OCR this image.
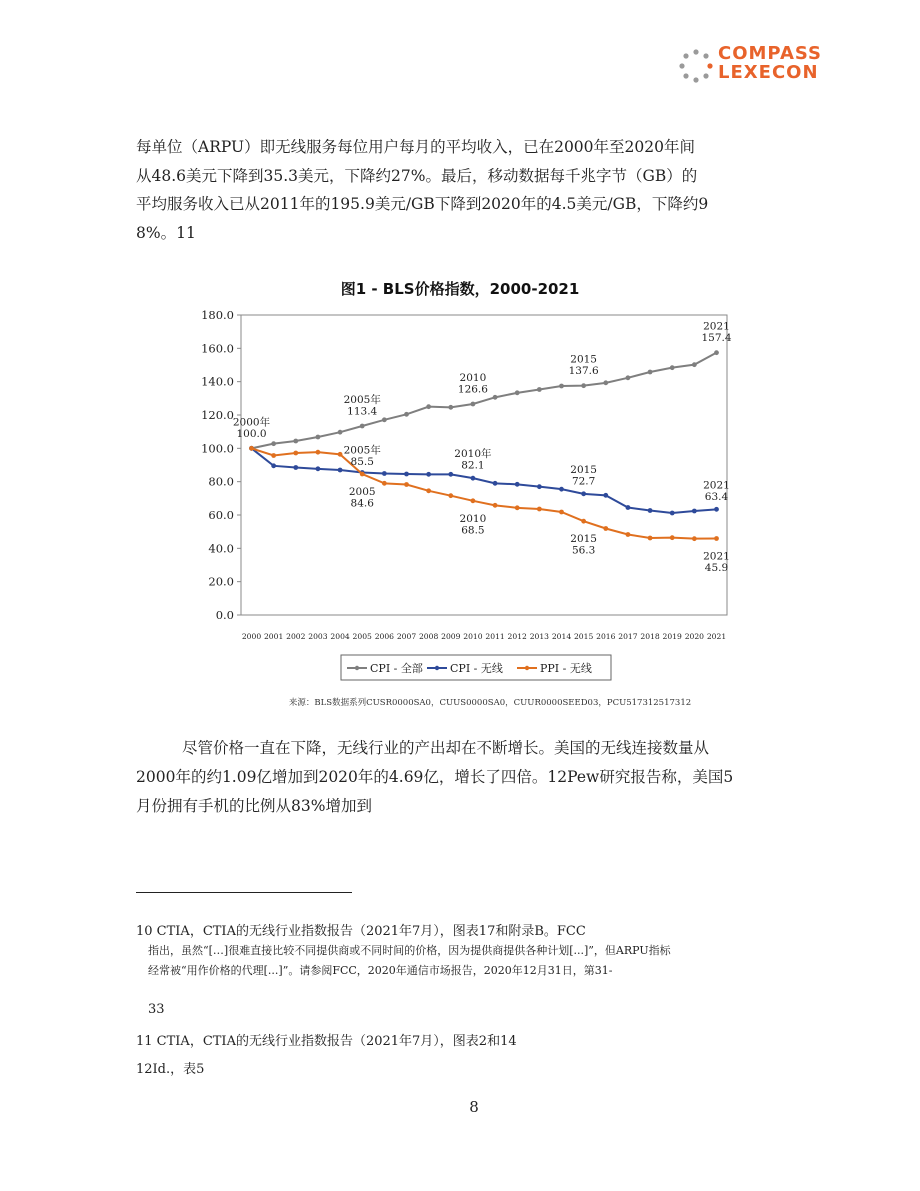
COMPASS
LEXECON
每单位（ARPU）即无线服务每位用户每月的平均收入，已在2000年至2020年间
从48.6美元下降到35.3美元，下降约27%。最后，移动数据每千兆字节（GB）的
平均服务收入已从2011年的195.9美元/GB下降到2020年的4.5美元/GB，下降约9
8%。11
图1 - BLS价格指数，2000-2021
0.0
20.0
40.0
60.0
80.0
100.0
120.0
140.0
160.0
180.0
2000 2001 2002 2003 2004 2005 2006 2007 2008 2009 2010 2011 2012 2013 2014 2015 2016 2017 2018 2019 2020 2021
2000年 100.0
2005年 113.4
2010 126.6
2015 137.6
2021 157.4
2005年 85.5
2010年 82.1	2015 72.7	2021 63.4
2005 84.6
2010 68.5
2015 56.3	2021 45.9
CPI - 全部 CPI - 无线	PPI - 无线
来源：BLS数据系列CUSR0000SA0，CUUS0000SA0，CUUR0000SEED03，PCU517312517312
尽管价格一直在下降，无线行业的产出却在不断增长。美国的无线连接数量从
2000年的约1.09亿增加到2020年的4.69亿，增长了四倍。12Pew研究报告称，美国5
月份拥有手机的比例从83%增加到
10 CTIA，CTIA的无线行业指数报告（2021年7月），图表17和附录B。FCC
指出，虽然“[…]很难直接比较不同提供商或不同时间的价格，因为提供商提供各种计划[...]”，但ARPU指标
经常被“用作价格的代理[...]”。请参阅FCC，2020年通信市场报告，2020年12月31日，第31-
33
11 CTIA，CTIA的无线行业指数报告（2021年7月），图表2和14
12Id.，表5
8
